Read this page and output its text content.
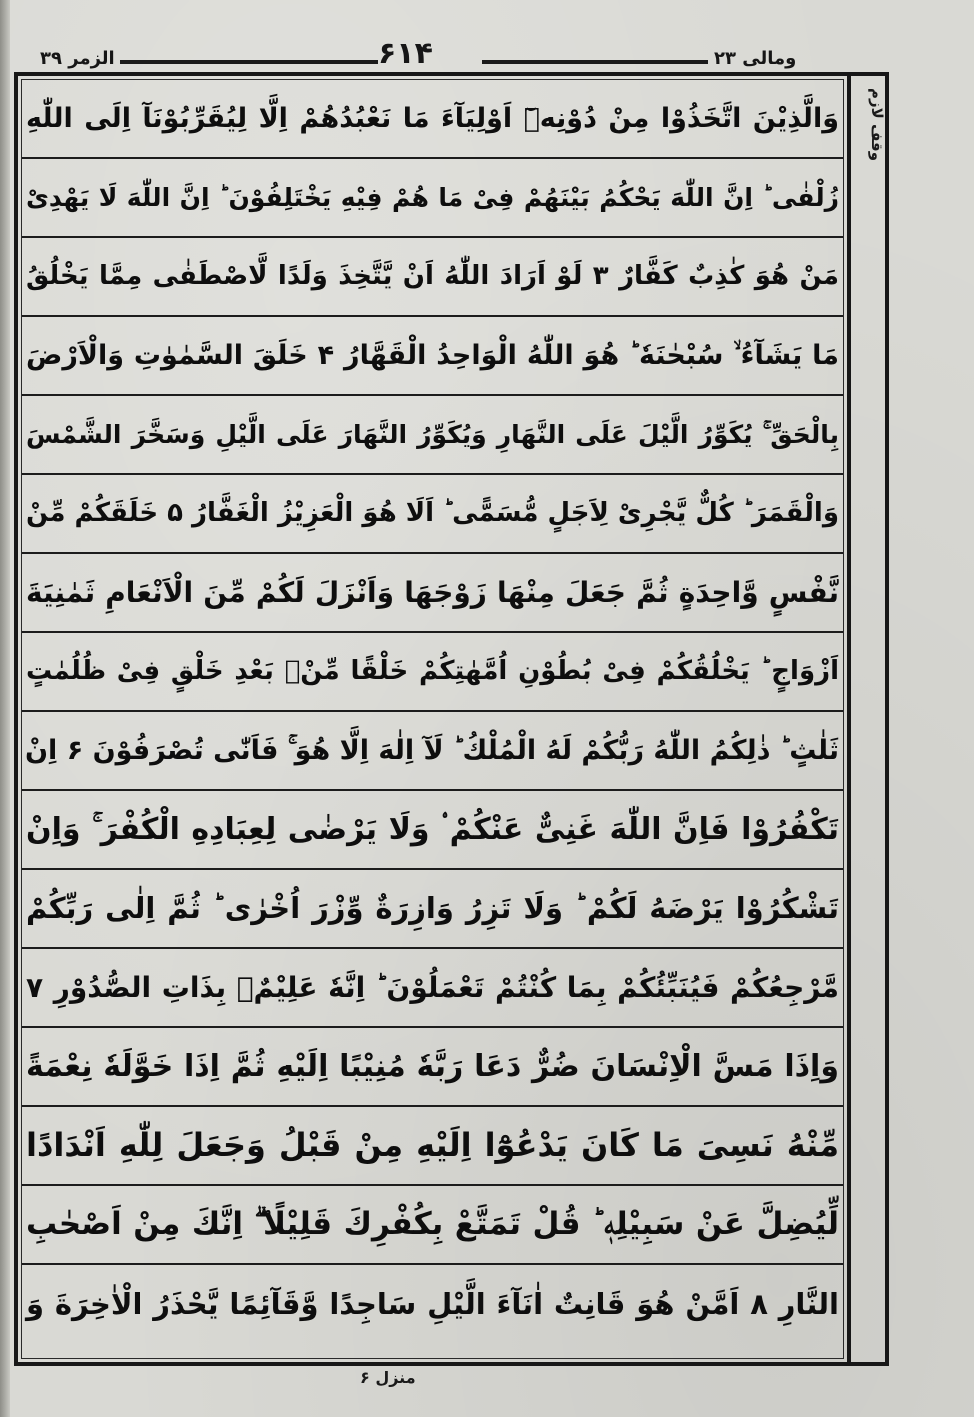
الزمر ۳۹	۶۱۴	ومالی ۲۳
وقف لازم
وَالَّذِیْنَ اتَّخَذُوْا مِنْ دُوْنِهٖٓ اَوْلِیَآءَ مَا نَعْبُدُهُمْ اِلَّا لِیُقَرِّبُوْنَآ اِلَى اللّٰهِ
زُلْفٰى ؕ اِنَّ اللّٰهَ یَحْكُمُ بَیْنَهُمْ فِیْ مَا هُمْ فِیْهِ یَخْتَلِفُوْنَ ؕ اِنَّ اللّٰهَ لَا یَهْدِیْ
مَنْ هُوَ كٰذِبٌ كَفَّارٌ ۳ لَوْ اَرَادَ اللّٰهُ اَنْ یَّتَّخِذَ وَلَدًا لَّاصْطَفٰى مِمَّا یَخْلُقُ
مَا یَشَآءُ ۙ سُبْحٰنَهٗ ؕ هُوَ اللّٰهُ الْوَاحِدُ الْقَهَّارُ ۴ خَلَقَ السَّمٰوٰتِ وَالْاَرْضَ
بِالْحَقِّ ۚ یُكَوِّرُ الَّیْلَ عَلَى النَّهَارِ وَیُكَوِّرُ النَّهَارَ عَلَى الَّیْلِ وَسَخَّرَ الشَّمْسَ
وَالْقَمَرَ ؕ كُلٌّ یَّجْرِیْ لِاَجَلٍ مُّسَمًّى ؕ اَلَا هُوَ الْعَزِیْزُ الْغَفَّارُ ۵ خَلَقَكُمْ مِّنْ
نَّفْسٍ وَّاحِدَةٍ ثُمَّ جَعَلَ مِنْهَا زَوْجَهَا وَاَنْزَلَ لَكُمْ مِّنَ الْاَنْعَامِ ثَمٰنِیَةَ
اَزْوَاجٍ ؕ یَخْلُقُكُمْ فِیْ بُطُوْنِ اُمَّهٰتِكُمْ خَلْقًا مِّنْۢ بَعْدِ خَلْقٍ فِیْ ظُلُمٰتٍ
ثَلٰثٍ ؕ ذٰلِكُمُ اللّٰهُ رَبُّكُمْ لَهُ الْمُلْكُ ؕ لَآ اِلٰهَ اِلَّا هُوَ ۚ فَاَنّٰى تُصْرَفُوْنَ ۶ اِنْ
تَكْفُرُوْا فَاِنَّ اللّٰهَ غَنِیٌّ عَنْكُمْ ۟ وَلَا یَرْضٰى لِعِبَادِهِ الْكُفْرَ ۚ وَاِنْ
تَشْكُرُوْا یَرْضَهُ لَكُمْ ؕ وَلَا تَزِرُ وَازِرَةٌ وِّزْرَ اُخْرٰى ؕ ثُمَّ اِلٰى رَبِّكُمْ
مَّرْجِعُكُمْ فَیُنَبِّئُكُمْ بِمَا كُنْتُمْ تَعْمَلُوْنَ ؕ اِنَّهٗ عَلِیْمٌۢ بِذَاتِ الصُّدُوْرِ ۷
وَاِذَا مَسَّ الْاِنْسَانَ ضُرٌّ دَعَا رَبَّهٗ مُنِیْبًا اِلَیْهِ ثُمَّ اِذَا خَوَّلَهٗ نِعْمَةً
مِّنْهُ نَسِیَ مَا كَانَ یَدْعُوْٓا اِلَیْهِ مِنْ قَبْلُ وَجَعَلَ لِلّٰهِ اَنْدَادًا
لِّیُضِلَّ عَنْ سَبِیْلِهٖ ؕ قُلْ تَمَتَّعْ بِكُفْرِكَ قَلِیْلًا ۖۗ اِنَّكَ مِنْ اَصْحٰبِ
النَّارِ ۸ اَمَّنْ هُوَ قَانِتٌ اٰنَآءَ الَّیْلِ سَاجِدًا وَّقَآئِمًا یَّحْذَرُ الْاٰخِرَةَ وَ
منزل ۶
